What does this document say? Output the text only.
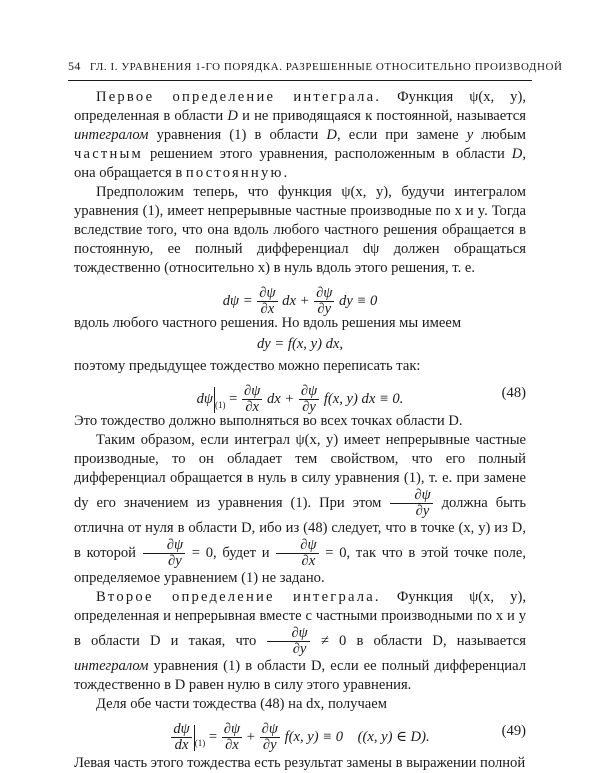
54 ГЛ. I. УРАВНЕНИЯ 1-ГО ПОРЯДКА. РАЗРЕШЕННЫЕ ОТНОСИТЕЛЬНО ПРОИЗВОДНОЙ

Первое определение интеграла. Функция ψ(x, y), определенная в области D и не приводящаяся к постоянной, называется интегралом уравнения (1) в области D, если при замене y любым частным решением этого уравнения, расположенным в области D, она обращается в постоянную.

Предположим теперь, что функция ψ(x, y), будучи интегралом уравнения (1), имеет непрерывные частные производные по x и y. Тогда вследствие того, что она вдоль любого частного решения обращается в постоянную, ее полный дифференциал dψ должен обращаться тождественно (относительно x) в нуль вдоль этого решения, т. е.

$d\psi = \frac{\partial\psi}{\partial x}$ dx + $\frac{\partial\psi}{\partial y}$ dy ≡ 0

вдоль любого частного решения. Но вдоль решения мы имеем

dy = f(x, y) dx,

поэтому предыдущее тождество можно переписать так:

dψ $_{(1)} = \frac{\partial\psi}{\partial x}$ dx + $\frac{\partial\psi}{\partial y} f(x$, y) dx ≡ 0.	(48)

Это тождество должно выполняться во всех точках области D.

Таким образом, если интеграл ψ(x, y) имеет непрерывные частные производные, то он обладает тем свойством, что его полный дифференциал обращается в нуль в силу уравнения (1), т. е. при замене dy его значением из уравнения (1). При этом $\frac{\partial\psi}{\partial y}$ должна быть отлична от нуля в области D, ибо из (48) следует, что в точке (x, y) из D, в которой $\frac{\partial\psi}{\partial y} = 0$, будет и $\frac{\partial\psi}{\partial x} = 0$, так что в этой точке поле, определяемое уравнением (1) не задано.

Второе определение интеграла. Функция ψ(x, y), определенная и непрерывная вместе с частными производными по x и y в области D и такая, что $\frac{\partial\psi}{\partial y} \ne 0$ в области D, называется интегралом уравнения (1) в области D, если ее полный дифференциал тождественно в D равен нулю в силу этого уравнения.

Деля обе части тождества (48) на dx, получаем

$\frac{d\psi}{dx} _{(1)} = \frac{\partial\psi}{\partial x} + \frac{\partial\psi}{\partial y} f(x$, y) ≡ 0 ((x, y) ∈ D).	(49)

Левая часть этого тождества есть результат замены в выражении полной
